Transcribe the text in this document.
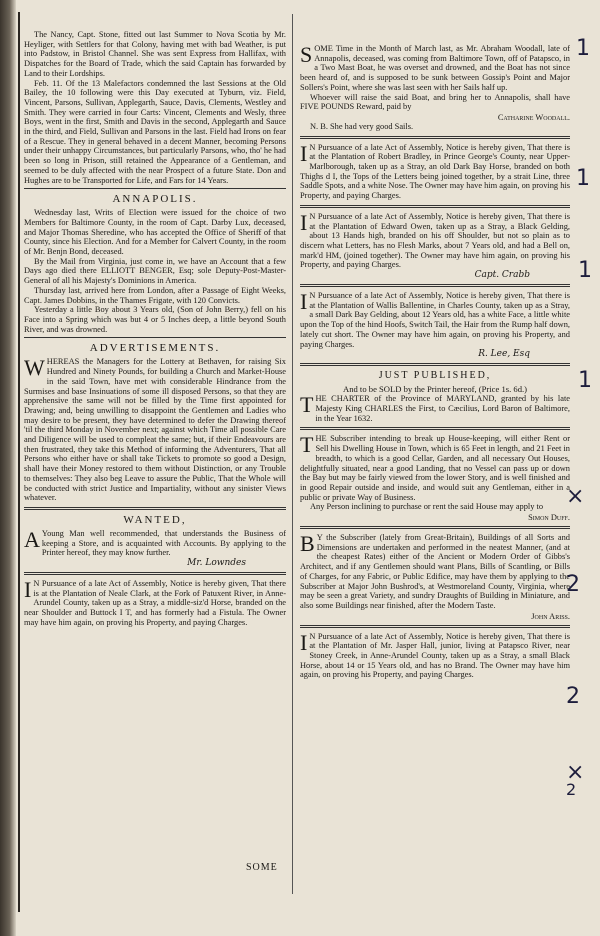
The Nancy, Capt. Stone, fitted out last Summer to Nova Scotia by Mr. Heyliger, with Settlers for that Colony, having met with bad Weather, is put into Padstow, in Bristol Channel. She was sent Express from Hallifax, with Dispatches for the Board of Trade, which the said Captain has forwarded by Land to their Lordships.

Feb. 11. Of the 13 Malefactors condemned the last Sessions at the Old Bailey, the 10 following were this Day executed at Tyburn, viz. Field, Vincent, Parsons, Sullivan, Applegarth, Sauce, Davis, Clements, Westley and Smith. They were carried in four Carts: Vincent, Clements and Wesly, three Boys, went in the first, Smith and Davis in the second, Applegarth and Sauce in the third, and Field, Sullivan and Parsons in the last. Field had Irons on fear of a Rescue. They in general behaved in a decent Manner, becoming Persons under their unhappy Circumstances, but particularly Parsons, who, tho' he had been so long in Prison, still retained the Appearance of a Gentleman, and seemed to be duly affected with the near Prospect of a future State. Don and Hughes are to be Transported for Life, and Fars for 14 Years.

ANNAPOLIS.

Wednesday last, Writs of Election were issued for the choice of two Members for Baltimore County, in the room of Capt. Darby Lux, deceased, and Major Thomas Sheredine, who has accepted the Office of Sheriff of that County, since his Election. And for a Member for Calvert County, in the room of Mr. Benjn Bond, deceased.

By the Mail from Virginia, just come in, we have an Account that a few Days ago died there ELLIOTT BENGER, Esq; sole Deputy-Post-Master-General of all his Majesty's Dominions in America.

Thursday last, arrived here from London, after a Passage of Eight Weeks, Capt. James Dobbins, in the Thames Frigate, with 120 Convicts.

Yesterday a little Boy about 3 Years old, (Son of John Berry,) fell on his Face into a Spring which was but 4 or 5 Inches deep, a little beyond South River, and was drowned.

ADVERTISEMENTS.
W HEREAS the Managers for the Lottery at Bethaven, for raising Six Hundred and Ninety Pounds, for building a Church and Market-House in the said Town, have met with considerable Hindrance from the Surmises and base Insinuations of some ill disposed Persons, so that they are apprehensive the same will not be filled by the Time first appointed for Drawing; and, being unwilling to disappoint the Gentlemen and Ladies who may desire to be present, they have determined to defer the Drawing thereof 'til the third Monday in November next; against which Time all possible Care and Diligence will be used to compleat the same; but, if their Endeavours are then frustrated, they take this Method of informing the Adventurers, That all Persons who either have or shall take Tickets to promote so good a Design, shall have their Money restored to them without Distinction, or any Trouble to themselves: They also beg Leave to assure the Public, That the Whole will be conducted with strict Justice and Impartiality, without any sinister Views whatever.

WANTED,
A Young Man well recommended, that understands the Business of keeping a Store, and is acquainted with Accounts. By applying to the Printer hereof, they may know further.

Mr. Lowndes
I N Pursuance of a late Act of Assembly, Notice is hereby given, That there is at the Plantation of Neale Clark, at the Fork of Patuxent River, in Anne-Arundel County, taken up as a Stray, a middle-siz'd Horse, branded on the near Shoulder and Buttock I T, and has formerly had a Fistula. The Owner may have him again, on proving his Property, and paying Charges.

SOME
S OME Time in the Month of March last, as Mr. Abraham Woodall, late of Annapolis, deceased, was coming from Baltimore Town, off of Patapsco, in a Two Mast Boat, he was overset and drowned, and the Boat has not since been heard of, and is supposed to be sunk between Gossip's Point and Major Sollers's Point, where she was last seen with her Sails half up.

Whoever will raise the said Boat, and bring her to Annapolis, shall have FIVE POUNDS Reward, paid by

Catharine Woodall.

N. B. She had very good Sails.

I N Pursuance of a late Act of Assembly, Notice is hereby given, That there is at the Plantation of Robert Bradley, in Prince George's County, near Upper-Marlborough, taken up as a Stray, an old Dark Bay Horse, branded on both Thighs d I, the Tops of the Letters being joined together, by a strait Line, three Saddle Spots, and a white Nose. The Owner may have him again, on proving his Property, and paying Charges.

I N Pursuance of a late Act of Assembly, Notice is hereby given, That there is at the Plantation of Edward Owen, taken up as a Stray, a Black Gelding, about 13 Hands high, branded on his off Shoulder, but not so plain as to discern what Letters, has no Flesh Marks, about 7 Years old, and had a Bell on, mark'd HM, (joined together). The Owner may have him again, on proving his Property, and paying Charges.

Capt. Crabb
I N Pursuance of a late Act of Assembly, Notice is hereby given, That there is at the Plantation of Wallis Ballentine, in Charles County, taken up as a Stray, a small Dark Bay Gelding, about 12 Years old, has a white Face, a little white upon the Top of the hind Hoofs, Switch Tail, the Hair from the Rump half down, lately cut short. The Owner may have him again, on proving his Property, and paying Charges.

R. Lee, Esq
JUST PUBLISHED,
And to be SOLD by the Printer hereof, (Price 1s. 6d.)
T HE CHARTER of the Province of MARYLAND, granted by his late Majesty King CHARLES the First, to Cæcilius, Lord Baron of Baltimore, in the Year 1632.

T HE Subscriber intending to break up House-keeping, will either Rent or Sell his Dwelling House in Town, which is 65 Feet in length, and 21 Feet in breadth, to which is a good Cellar, Garden, and all necessary Out Houses, delightfully situated, near a good Landing, that no Vessel can pass up or down the Bay but may be fairly viewed from the lower Story, and is well finished and in good Repair outside and inside, and would suit any Gentleman, either in a public or private Way of Business.

Any Person inclining to purchase or rent the said House may apply to

Simon Duff.
B Y the Subscriber (lately from Great-Britain), Buildings of all Sorts and Dimensions are undertaken and performed in the neatest Manner, (and at the cheapest Rates) either of the Ancient or Modern Order of Gibbs's Architect, and if any Gentlemen should want Plans, Bills of Scantling, or Bills of Charges, for any Fabric, or Public Edifice, may have them by applying to the Subscriber at Major John Bushrod's, at Westmoreland County, Virginia, where may be seen a great Variety, and sundry Draughts of Building in Miniature, and also some Buildings near finished, after the Modern Taste.

John Ariss.
I N Pursuance of a late Act of Assembly, Notice is hereby given, That there is at the Plantation of Mr. Jasper Hall, junior, living at Patapsco River, near Stoney Creek, in Anne-Arundel County, taken up as a Stray, a small Black Horse, about 14 or 15 Years old, and has no Brand. The Owner may have him again, on proving his Property, and paying Charges.

1
1
1
1
×
2
2
×
2
